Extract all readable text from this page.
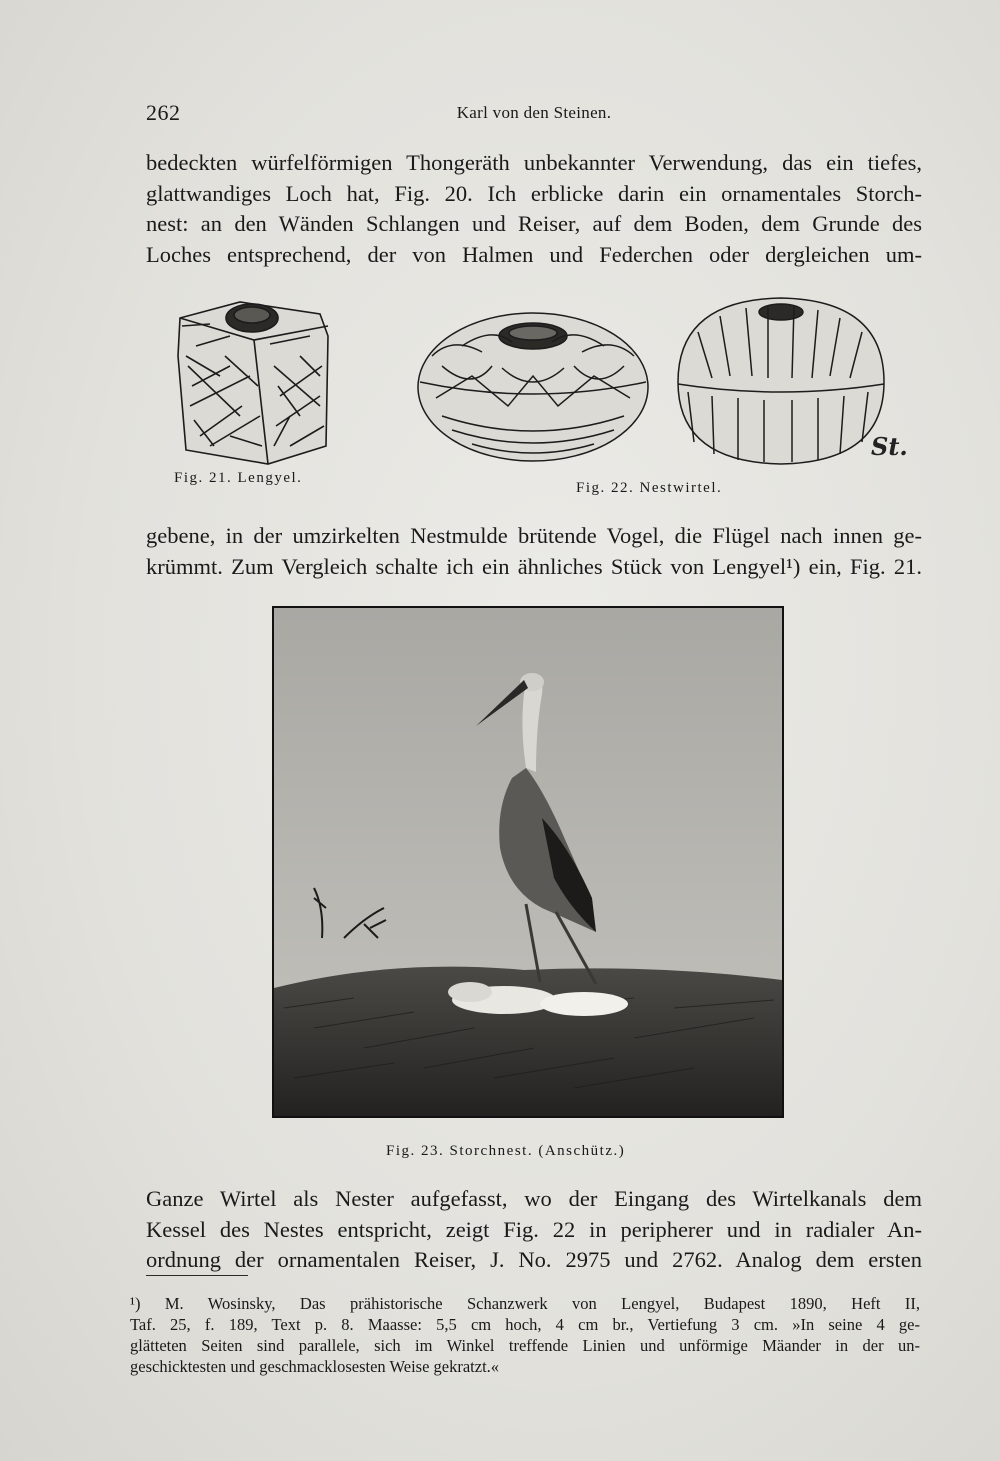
262	Karl von den Steinen.

bedeckten würfelförmigen Thongeräth unbekannter Verwendung, das ein tiefes,
glattwandiges Loch hat, Fig. 20. Ich erblicke darin ein ornamentales Storch-
nest: an den Wänden Schlangen und Reiser, auf dem Boden, dem Grunde des
Loches entsprechend, der von Halmen und Federchen oder dergleichen um-

Fig. 21. Lengyel.
St.
Fig. 22. Nestwirtel.

gebene, in der umzirkelten Nestmulde brütende Vogel, die Flügel nach innen ge-
krümmt. Zum Vergleich schalte ich ein ähnliches Stück von Lengyel¹) ein, Fig. 21.

Fig. 23. Storchnest. (Anschütz.)

Ganze Wirtel als Nester aufgefasst, wo der Eingang des Wirtelkanals dem
Kessel des Nestes entspricht, zeigt Fig. 22 in peripherer und in radialer An-
ordnung der ornamentalen Reiser, J. No. 2975 und 2762. Analog dem ersten

¹) M. Wosinsky, Das prähistorische Schanzwerk von Lengyel, Budapest 1890, Heft II,
Taf. 25, f. 189, Text p. 8. Maasse: 5,5 cm hoch, 4 cm br., Vertiefung 3 cm. »In seine 4 ge-
glätteten Seiten sind parallele, sich im Winkel treffende Linien und unförmige Mäander in der un-
geschicktesten und geschmacklosesten Weise gekratzt.«
